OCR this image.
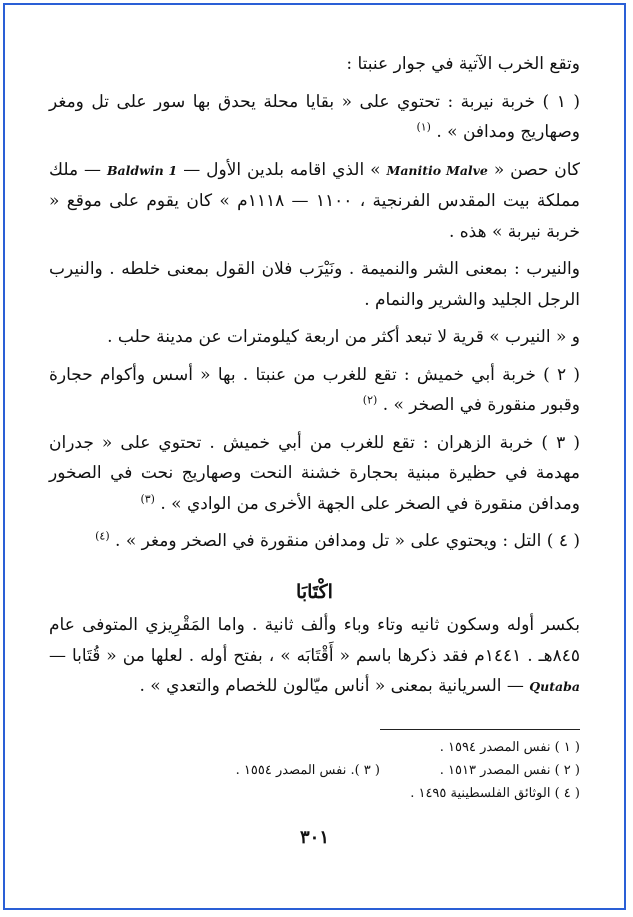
وتقع الخرب الآتية في جوار عنبتا :

( ١ ) خربة نيربة : تحتوي على « بقايا محلة يحدق بها سور على تل ومغر وصهاريج ومدافن » . $^{(١)}$

كان حصن « Manitio Malve » الذي اقامه بلدين الأول — Baldwin 1 — ملك مملكة بيت المقدس الفرنجية ، ١١٠٠ — ١١١٨م » كان يقوم على موقع « خربة نيربة » هذه .

والنيرب : بمعنى الشر والنميمة . ونَيْرَب فلان القول بمعنى خلطه . والنيرب الرجل الجليد والشرير والنمام .

و « النيرب » قرية لا تبعد أكثر من اربعة كيلومترات عن مدينة حلب .

( ٢ ) خربة أبي خميش : تقع للغرب من عنبتا . بها « أسس وأكوام حجارة وقبور منقورة في الصخر » . $^{(٢)}$

( ٣ ) خربة الزهران : تقع للغرب من أبي خميش . تحتوي على « جدران مهدمة في حظيرة مبنية بحجارة خشنة النحت وصهاريج نحت في الصخور ومدافن منقورة في الصخر على الجهة الأخرى من الوادي » . $^{(٣)}$

( ٤ ) التل : ويحتوي على « تل ومدافن منقورة في الصخر ومغر » . $^{(٤)}$

اكْتَابَا

بكسر أوله وسكون ثانيه وتاء وباء وألف ثانية . واما المَقْرِيزي المتوفى عام ٨٤٥هـ . ١٤٤١م فقد ذكرها باسم « أَقْتَابَه » ، بفتح أوله . لعلها من « قُتَابا — Qutaba — السريانية بمعنى « أناس ميّالون للخصام والتعدي » .

( ١ ) نفس المصدر ١٥٩٤ .
( ٢ ) نفس المصدر ١٥١٣ .
( ٣ ). نفس المصدر ١٥٥٤ .
( ٤ ) الوثائق الفلسطينية ١٤٩٥ .
٣٠١
